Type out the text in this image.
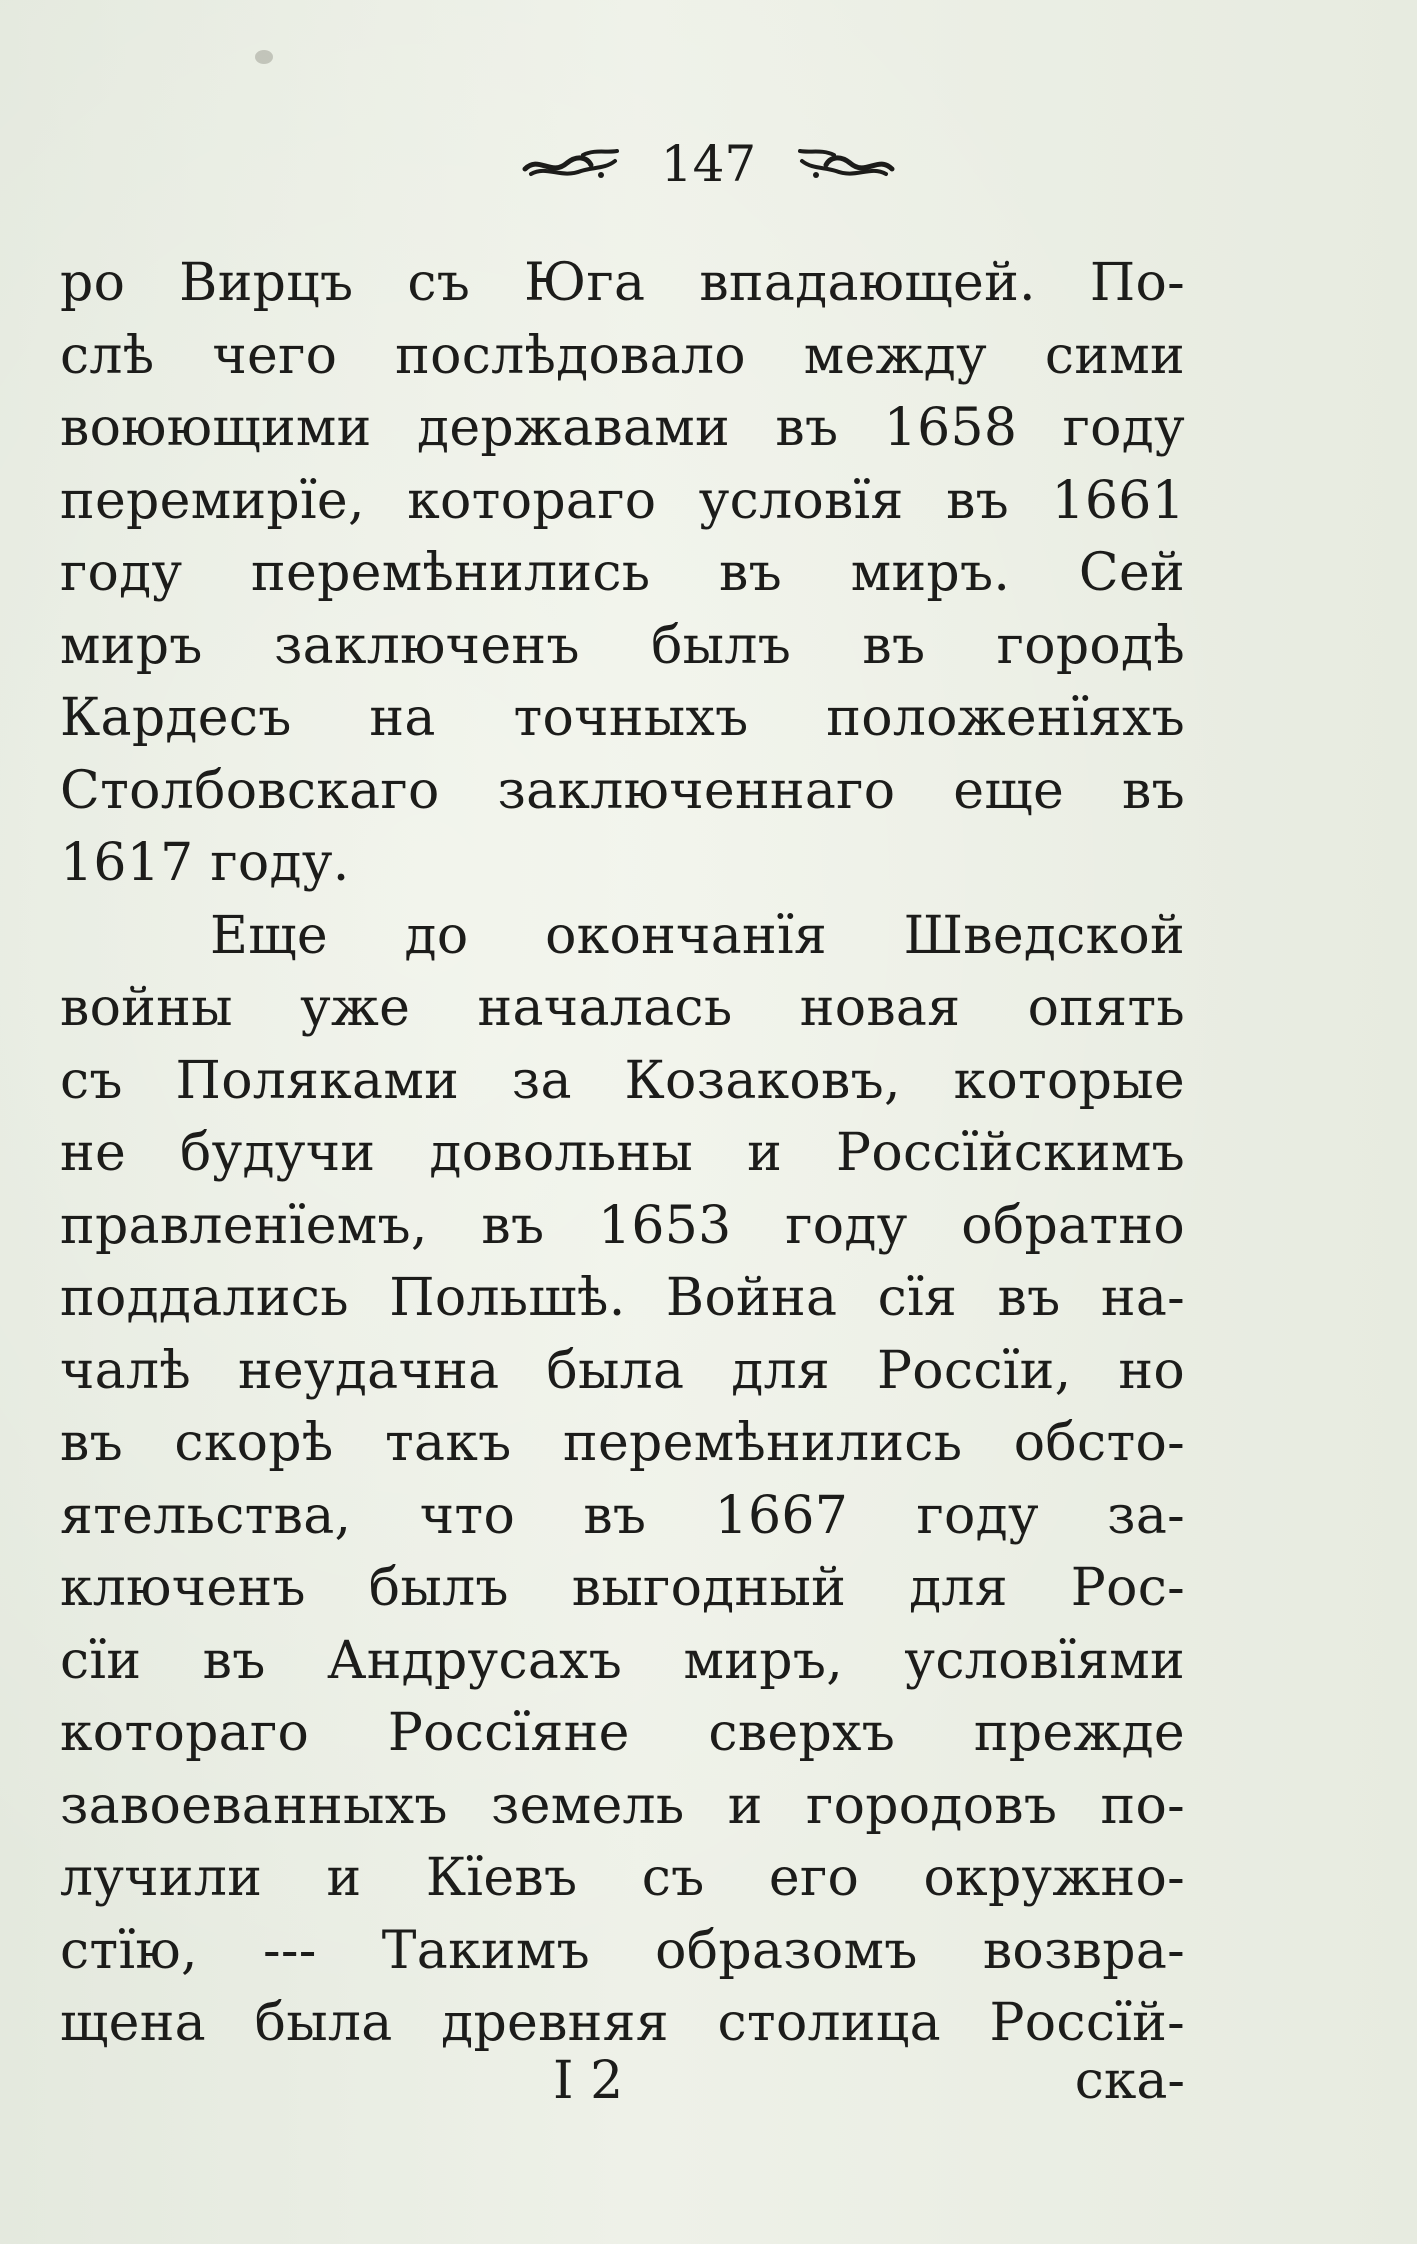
147
ро Вирцъ съ Юга впадающей. По-
слѣ чего послѣдовало между сими
воюющими державами въ 1658 году
перемирїе, котораго условїя въ 1661
году перемѣнились въ миръ. Сей
миръ заключенъ былъ въ городѣ
Кардесъ на точныхъ положенїяхъ
Столбовскаго заключеннаго еще въ
1617 году.
Еще до окончанїя Шведской
войны уже началась новая опять
съ Поляками за Козаковъ, которые
не будучи довольны и Россїйскимъ
правленїемъ, въ 1653 году обратно
поддались Польшѣ. Война сїя въ на-
чалѣ неудачна была для Россїи, но
въ скорѣ такъ перемѣнились обсто-
ятельства, что въ 1667 году за-
ключенъ былъ выгодный для Рос-
сїи въ Андрусахъ миръ, условїями
котораго Россїяне сверхъ прежде
завоеванныхъ земель и городовъ по-
лучили и Кїевъ съ его окружно-
стїю, --- Такимъ образомъ возвра-
щена была древняя столица Россїй-
I 2	ска-
